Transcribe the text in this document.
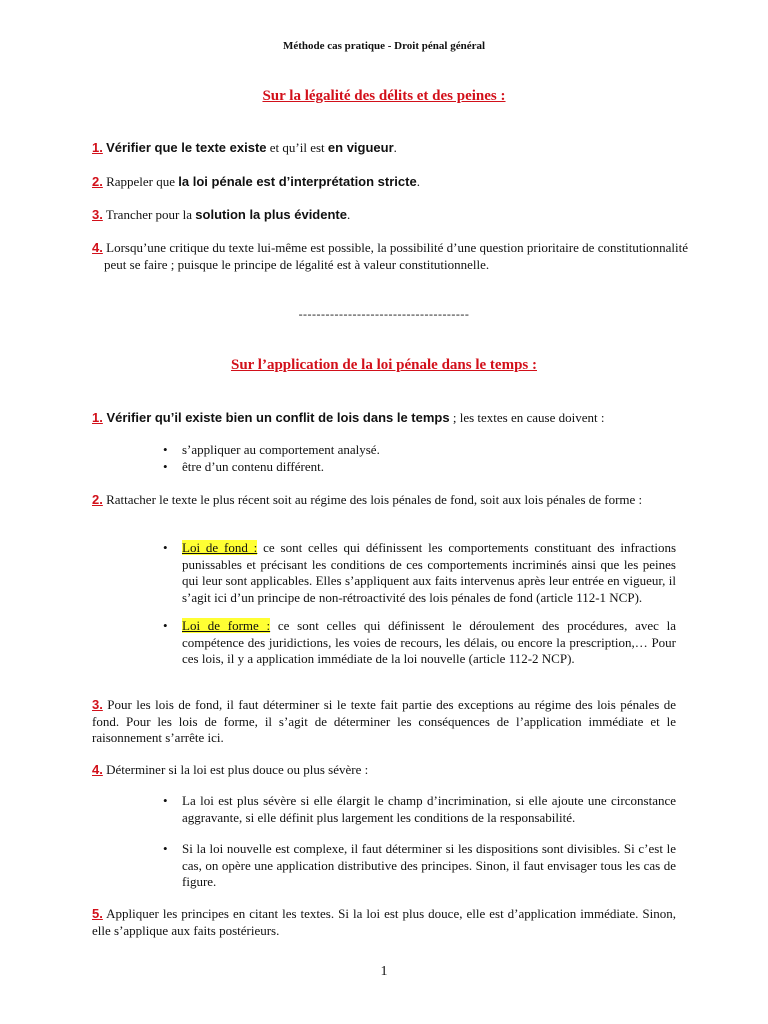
Méthode cas pratique - Droit pénal général
Sur la légalité des délits et des peines :
1. Vérifier que le texte existe et qu’il est en vigueur.
2. Rappeler que la loi pénale est d’interprétation stricte.
3. Trancher pour la solution la plus évidente.
4. Lorsqu’une critique du texte lui-même est possible, la possibilité d’une question prioritaire de constitutionnalité peut se faire ; puisque le principe de légalité est à valeur constitutionnelle.
--------------------------------------
Sur l’application de la loi pénale dans le temps :
1. Vérifier qu’il existe bien un conflit de lois dans le temps ; les textes en cause doivent :
• s’appliquer au comportement analysé.
• être d’un contenu différent.
2. Rattacher le texte le plus récent soit au régime des lois pénales de fond, soit aux lois pénales de forme :
• Loi de fond : ce sont celles qui définissent les comportements constituant des infractions punissables et précisant les conditions de ces comportements incriminés ainsi que les peines qui leur sont applicables. Elles s’appliquent aux faits intervenus après leur entrée en vigueur, il s’agit ici d’un principe de non-rétroactivité des lois pénales de fond (article 112-1 NCP).
• Loi de forme : ce sont celles qui définissent le déroulement des procédures, avec la compétence des juridictions, les voies de recours, les délais, ou encore la prescription,… Pour ces lois, il y a application immédiate de la loi nouvelle (article 112-2 NCP).
3. Pour les lois de fond, il faut déterminer si le texte fait partie des exceptions au régime des lois pénales de fond. Pour les lois de forme, il s’agit de déterminer les conséquences de l’application immédiate et le raisonnement s’arrête ici.
4. Déterminer si la loi est plus douce ou plus sévère :
• La loi est plus sévère si elle élargit le champ d’incrimination, si elle ajoute une circonstance aggravante, si elle définit plus largement les conditions de la responsabilité.
• Si la loi nouvelle est complexe, il faut déterminer si les dispositions sont divisibles. Si c’est le cas, on opère une application distributive des principes. Sinon, il faut envisager tous les cas de figure.
5. Appliquer les principes en citant les textes. Si la loi est plus douce, elle est d’application immédiate. Sinon, elle s’applique aux faits postérieurs.
1
